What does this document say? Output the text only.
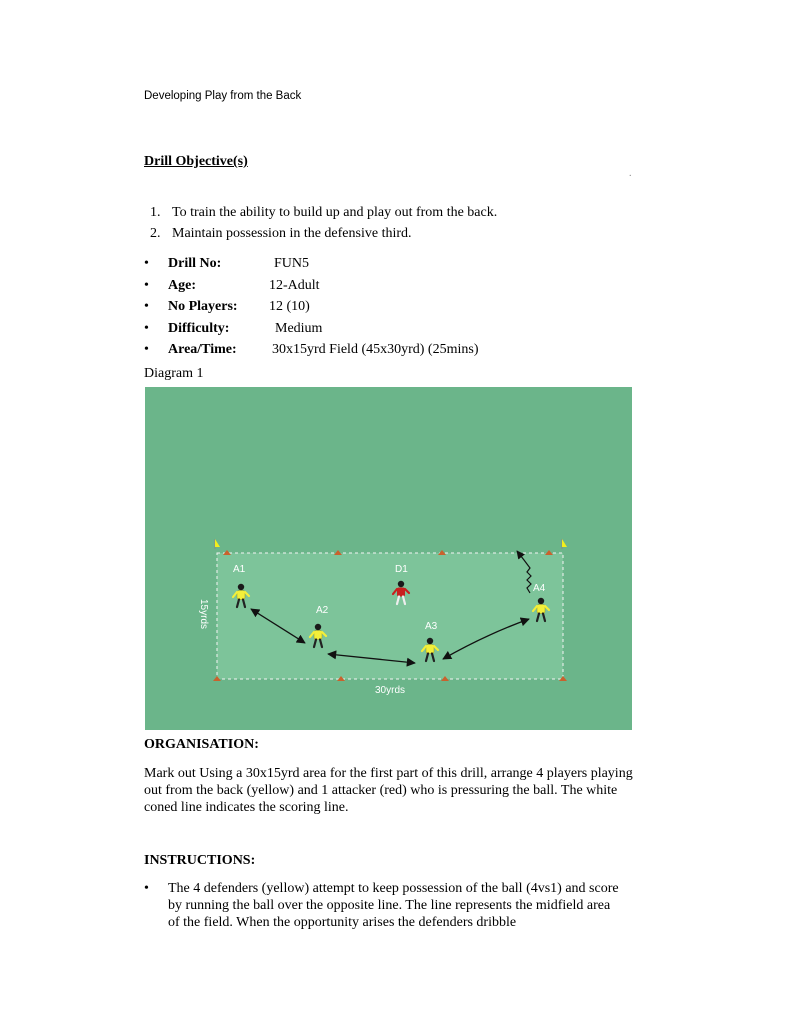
Developing Play from the Back
Drill Objective(s)
.
1. To train the ability to build up and play out from the back.
2. Maintain possession in the defensive third.
• Drill No:	FUN5
• Age:	12-Adult
• No Players: 12 (10)
• Difficulty:	Medium
• Area/Time:	30x15yrd Field (45x30yrd) (25mins)
Diagram 1
A1
A2
A3
A4
D1
30yrds
15yrds
ORGANISATION:

Mark out Using a 30x15yrd area for the first part of this drill, arrange 4 players playing out from the back (yellow) and 1 attacker (red) who is pressuring the ball. The white coned line indicates the scoring line.

INSTRUCTIONS:
•	The 4 defenders (yellow) attempt to keep possession of the ball (4vs1) and score by running the ball over the opposite line. The line represents the midfield area of the field. When the opportunity arises the defenders dribble
